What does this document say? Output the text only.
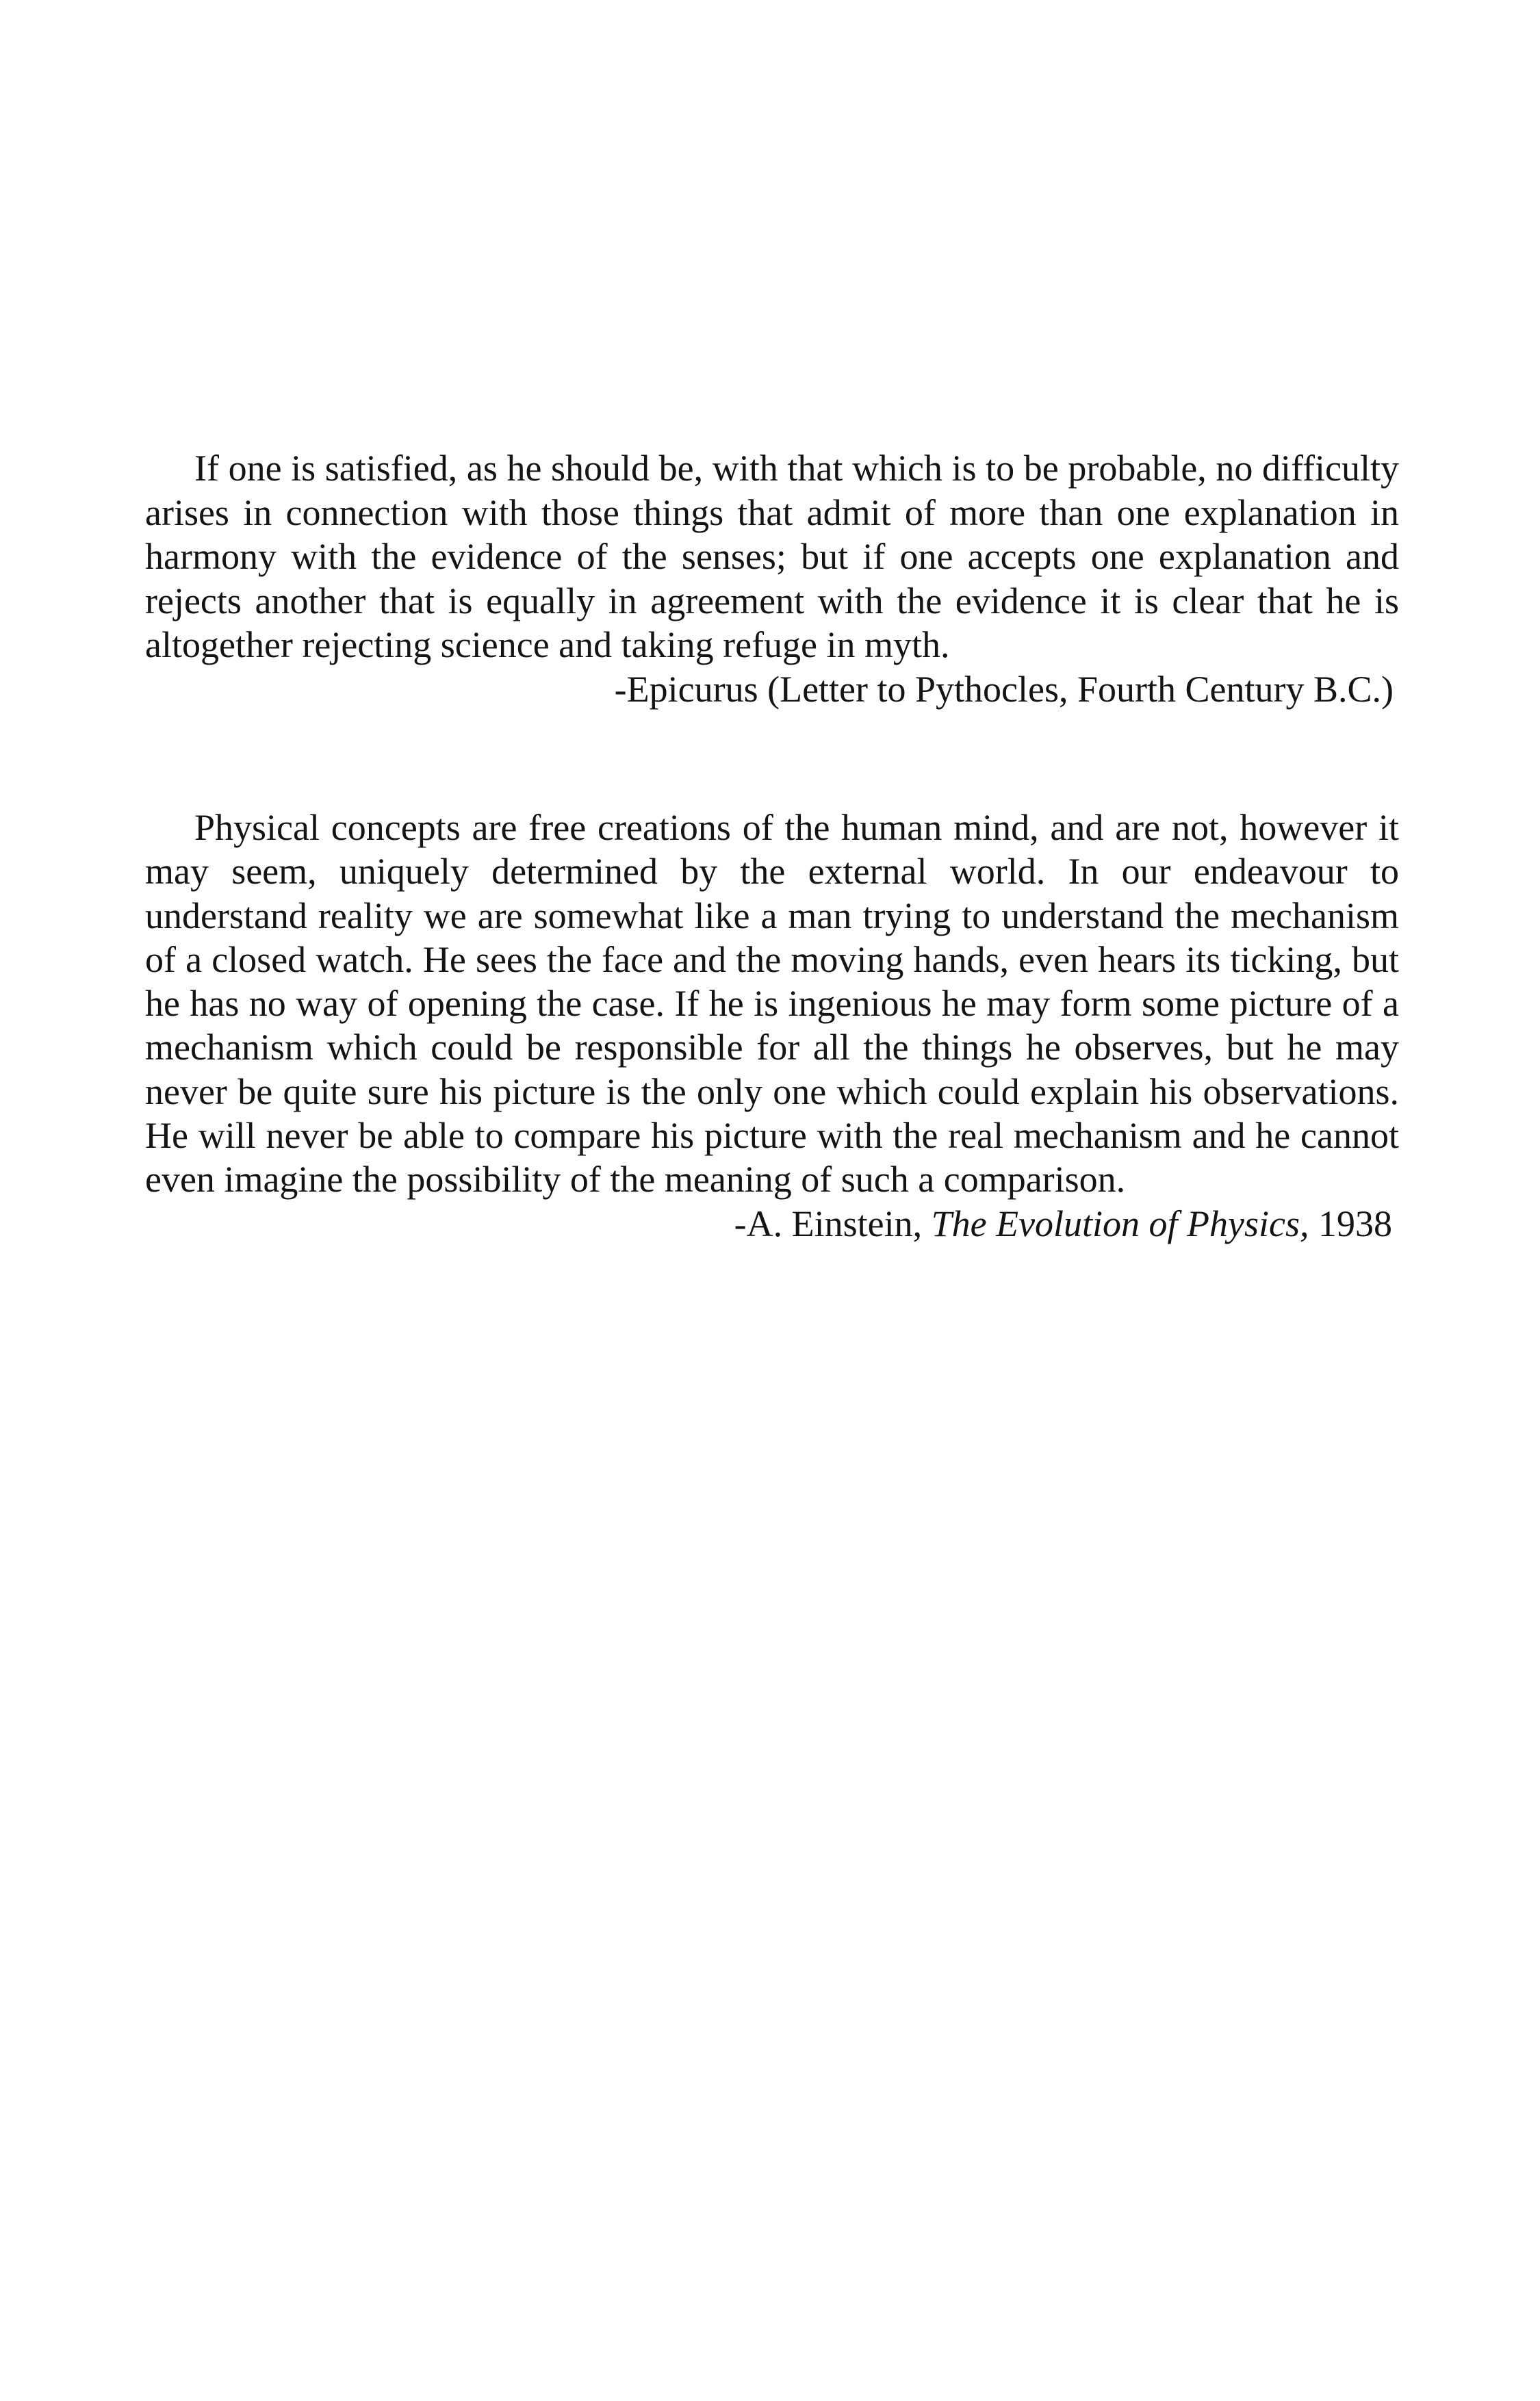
If one is satisfied, as he should be, with that which is to be probable, no difficulty arises in connection with those things that admit of more than one explanation in harmony with the evidence of the senses; but if one accepts one explanation and rejects another that is equally in agreement with the evidence it is clear that he is altogether rejecting science and taking refuge in myth.

-Epicurus (Letter to Pythocles, Fourth Century B.C.)

Physical concepts are free creations of the human mind, and are not, however it may seem, uniquely determined by the external world. In our endeavour to understand reality we are somewhat like a man trying to understand the mechanism of a closed watch. He sees the face and the moving hands, even hears its ticking, but he has no way of opening the case. If he is ingenious he may form some picture of a mechanism which could be responsible for all the things he observes, but he may never be quite sure his picture is the only one which could explain his observations. He will never be able to compare his picture with the real mechanism and he cannot even imagine the possibility of the meaning of such a comparison.

-A. Einstein, The Evolution of Physics, 1938
